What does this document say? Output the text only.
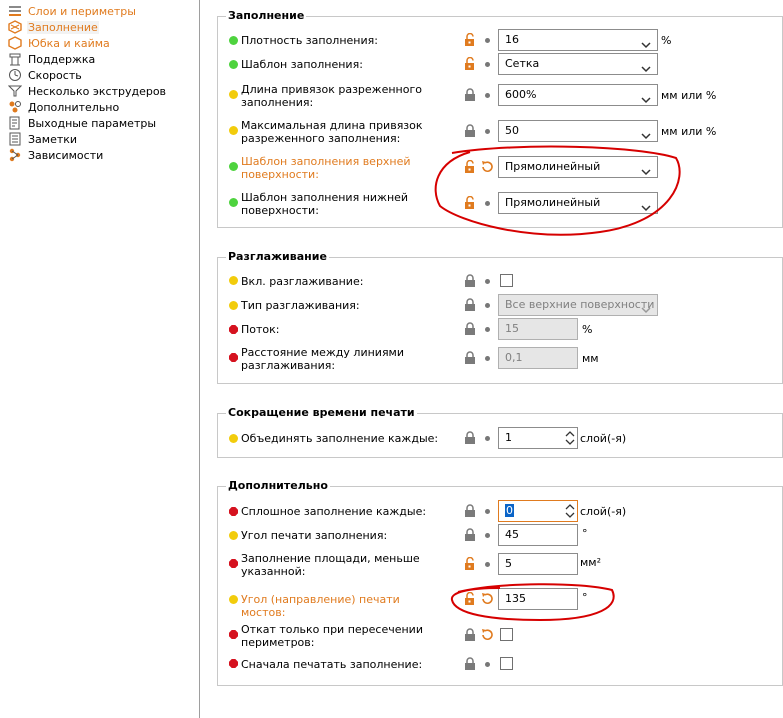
Слои и периметры
Заполнение
Юбка и кайма
Поддержка
Скорость
Несколько экструдеров
Дополнительно
Выходные параметры
Заметки
Зависимости
Заполнение
Плотность заполнения:	16	%
Шаблон заполнения:	Сетка
Длина привязок разреженного заполнения:
600%	мм или %
Максимальная длина привязок разреженного заполнения:
50	мм или %
Шаблон заполнения верхней поверхности:
Прямолинейный
Шаблон заполнения нижней поверхности:
Прямолинейный
Разглаживание
Вкл. разглаживание:
Тип разглаживания:	Все верхние поверхности
Поток:	15	%
Расстояние между линиями разглаживания:
0,1	мм
Сокращение времени печати
Объединять заполнение каждые:	1	слой(-я)
Дополнительно
Сплошное заполнение каждые:	0	слой(-я)
Угол печати заполнения:	45	°
Заполнение площади, меньше указанной:
5	мм²
Угол (направление) печати мостов:
135	°
Откат только при пересечении периметров:
Сначала печатать заполнение:
